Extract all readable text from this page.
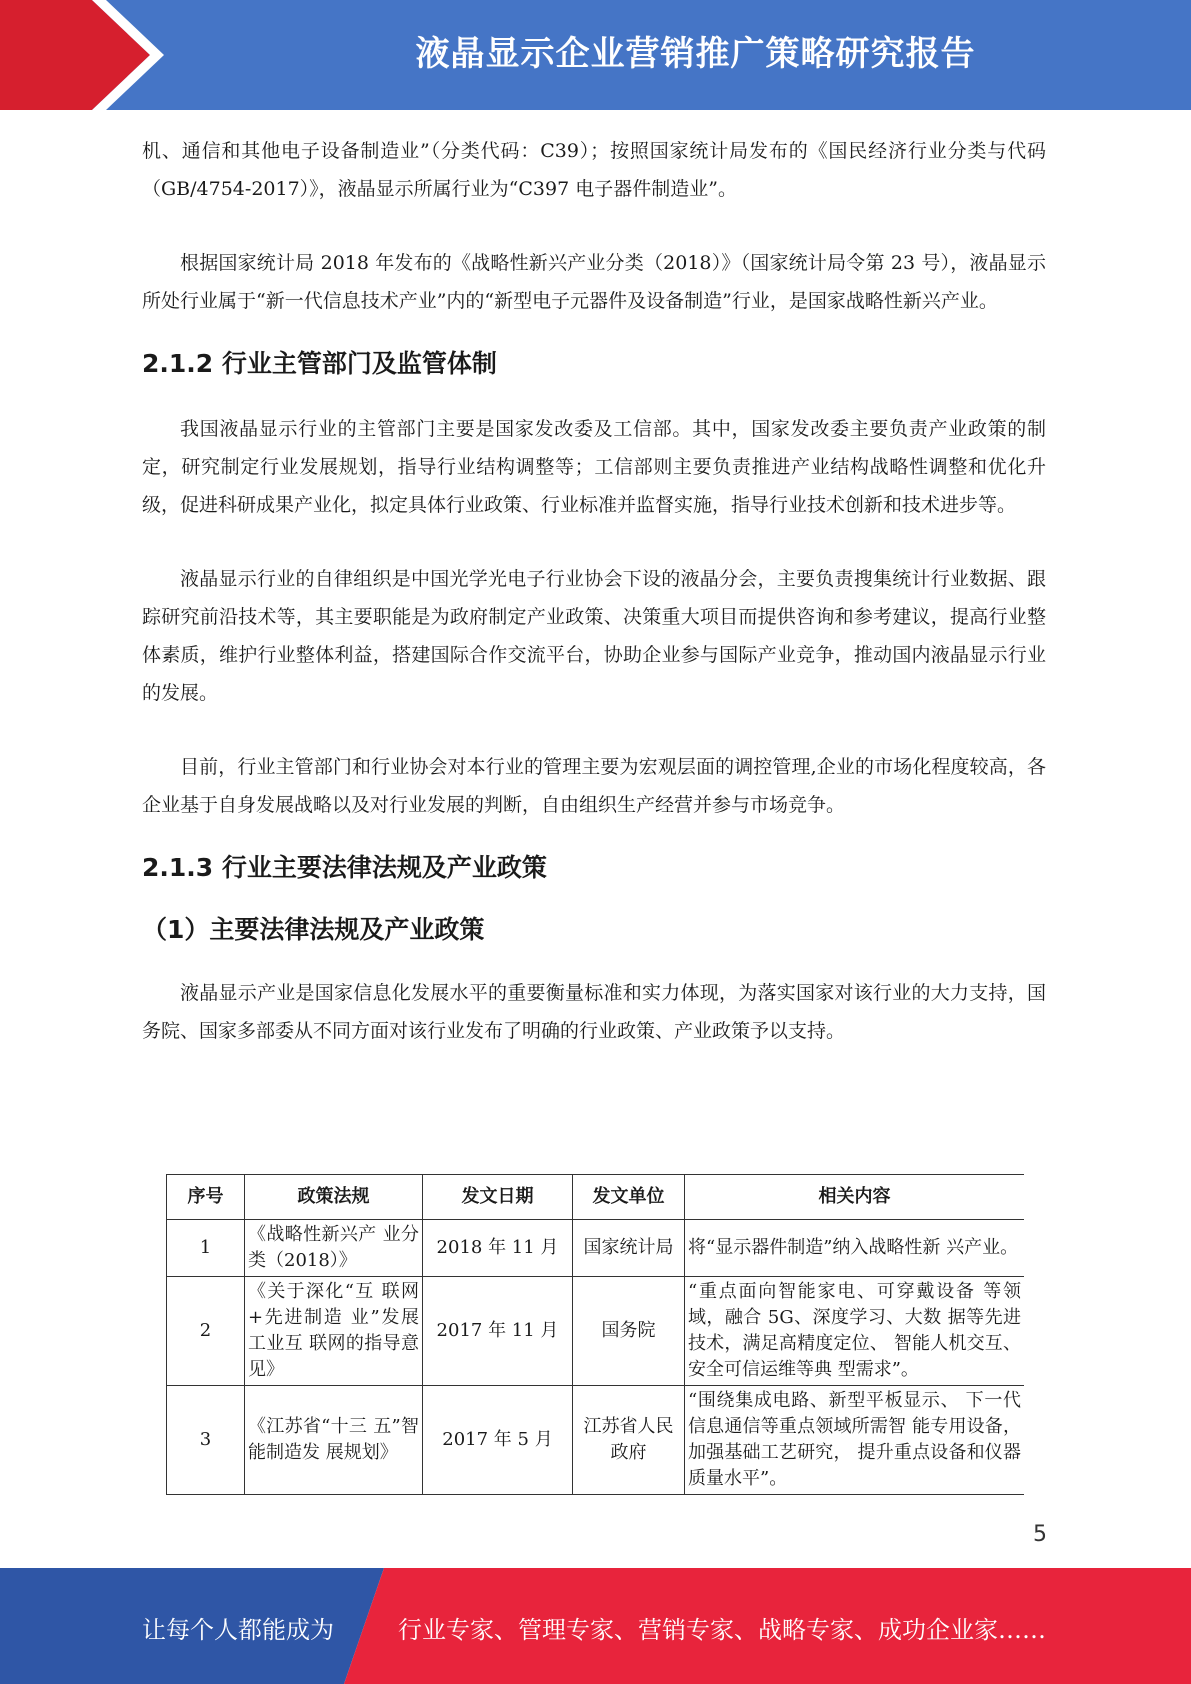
液晶显示企业营销推广策略研究报告

机、通信和其他电子设备制造业”（分类代码：C39）；按照国家统计局发布的《国民经济行业分类与代码（GB/4754-2017）》，液晶显示所属行业为“C397 电子器件制造业”。

根据国家统计局 2018 年发布的《战略性新兴产业分类（2018）》（国家统计局令第 23 号），液晶显示所处行业属于“新一代信息技术产业”内的“新型电子元器件及设备制造”行业，是国家战略性新兴产业。

2.1.2 行业主管部门及监管体制

我国液晶显示行业的主管部门主要是国家发改委及工信部。其中，国家发改委主要负责产业政策的制定，研究制定行业发展规划，指导行业结构调整等；工信部则主要负责推进产业结构战略性调整和优化升级，促进科研成果产业化，拟定具体行业政策、行业标准并监督实施，指导行业技术创新和技术进步等。

液晶显示行业的自律组织是中国光学光电子行业协会下设的液晶分会，主要负责搜集统计行业数据、跟踪研究前沿技术等，其主要职能是为政府制定产业政策、决策重大项目而提供咨询和参考建议，提高行业整体素质，维护行业整体利益，搭建国际合作交流平台，协助企业参与国际产业竞争，推动国内液晶显示行业的发展。

目前，行业主管部门和行业协会对本行业的管理主要为宏观层面的调控管理,企业的市场化程度较高，各企业基于自身发展战略以及对行业发展的判断，自由组织生产经营并参与市场竞争。

2.1.3 行业主要法律法规及产业政策
（1）主要法律法规及产业政策

液晶显示产业是国家信息化发展水平的重要衡量标准和实力体现，为落实国家对该行业的大力支持，国务院、国家多部委从不同方面对该行业发布了明确的行业政策、产业政策予以支持。

序号	政策法规	发文日期	发文单位	相关内容
1	《战略性新兴产 业分类（2018）》	2018 年 11 月	国家统计局	将“显示器件制造”纳入战略性新 兴产业。
2	《关于深化“互 联网+先进制造 业”发展工业互 联网的指导意 见》	2017 年 11 月	国务院	“重点面向智能家电、可穿戴设备 等领域，融合 5G、深度学习、大数 据等先进技术，满足高精度定位、 智能人机交互、安全可信运维等典 型需求”。
3	《江苏省“十三 五”智能制造发 展规划》	2017 年 5 月	江苏省人民政府	“围绕集成电路、新型平板显示、 下一代信息通信等重点领域所需智 能专用设备，加强基础工艺研究， 提升重点设备和仪器质量水平”。
5
让每个人都能成为	行业专家、管理专家、营销专家、战略专家、成功企业家……
